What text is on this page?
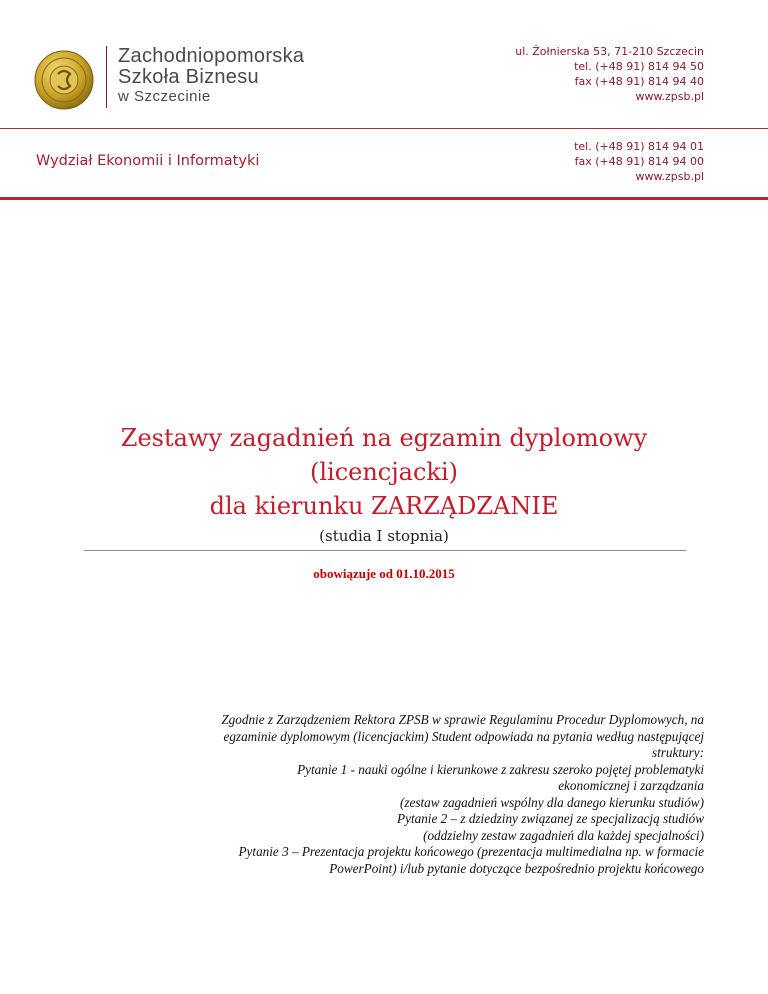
Zachodniopomorska
Szkoła Biznesu
w Szczecinie
ul. Żołnierska 53, 71-210 Szczecin
tel. (+48 91) 814 94 50
fax (+48 91) 814 94 40
www.zpsb.pl
Wydział Ekonomii i Informatyki
tel. (+48 91) 814 94 01
fax (+48 91) 814 94 00
www.zpsb.pl
Zestawy zagadnień na egzamin dyplomowy
(licencjacki)
dla kierunku ZARZĄDZANIE
(studia I stopnia)
obowiązuje od 01.10.2015
Zgodnie z Zarządzeniem Rektora ZPSB w sprawie Regulaminu Procedur Dyplomowych, na
egzaminie dyplomowym (licencjackim) Student odpowiada na pytania według następującej
struktury:
Pytanie 1 - nauki ogólne i kierunkowe z zakresu szeroko pojętej problematyki
ekonomicznej i zarządzania
(zestaw zagadnień wspólny dla danego kierunku studiów)
Pytanie 2 – z dziedziny związanej ze specjalizacją studiów
(oddzielny zestaw zagadnień dla każdej specjalności)
Pytanie 3 – Prezentacja projektu końcowego (prezentacja multimedialna np. w formacie
PowerPoint) i/lub pytanie dotyczące bezpośrednio projektu końcowego
